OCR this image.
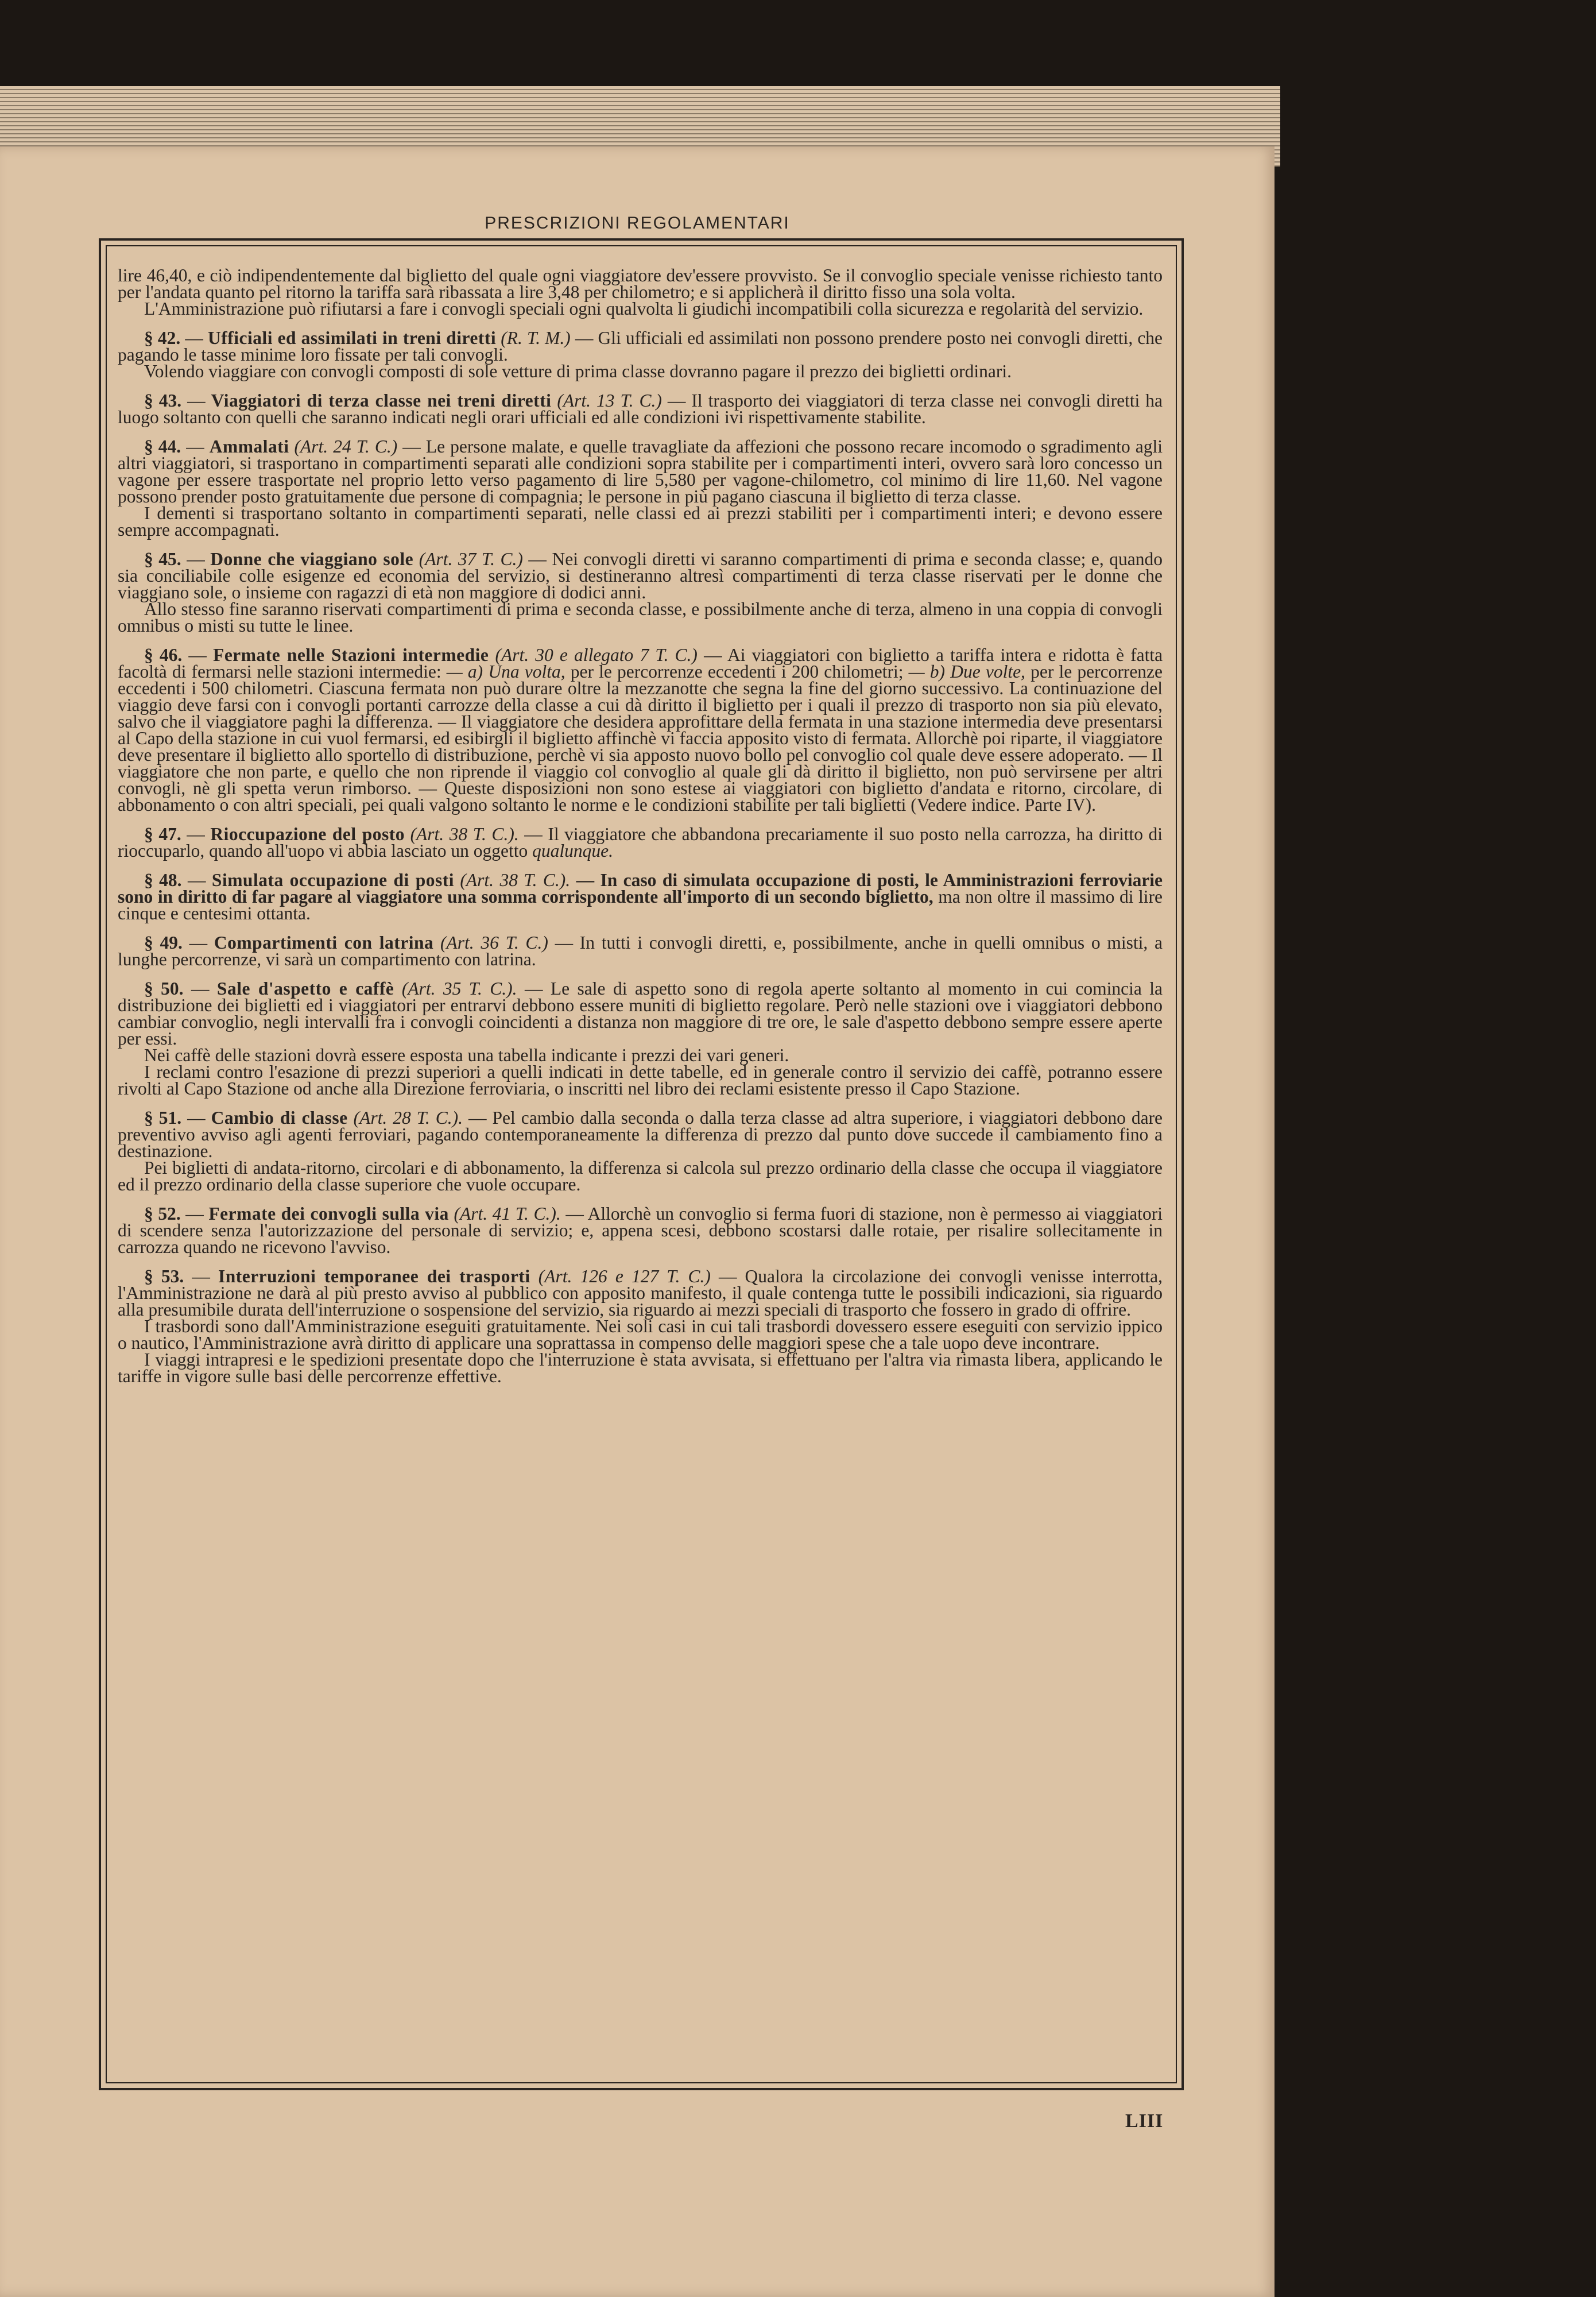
PRESCRIZIONI REGOLAMENTARI

lire 46,40, e ciò indipendentemente dal biglietto del quale ogni viaggiatore dev'essere provvisto. Se il convoglio speciale venisse richiesto tanto per l'andata quanto pel ritorno la tariffa sarà ribassata a lire 3,48 per chilometro; e si applicherà il diritto fisso una sola volta.

L'Amministrazione può rifiutarsi a fare i convogli speciali ogni qualvolta li giudichi incompatibili colla sicurezza e regolarità del servizio.

§ 42. — Ufficiali ed assimilati in treni diretti (R. T. M.) — Gli ufficiali ed assimilati non possono prendere posto nei convogli diretti, che pagando le tasse minime loro fissate per tali convogli.

Volendo viaggiare con convogli composti di sole vetture di prima classe dovranno pagare il prezzo dei biglietti ordinari.

§ 43. — Viaggiatori di terza classe nei treni diretti (Art. 13 T. C.) — Il trasporto dei viaggiatori di terza classe nei convogli diretti ha luogo soltanto con quelli che saranno indicati negli orari ufficiali ed alle condizioni ivi rispettivamente stabilite.

§ 44. — Ammalati (Art. 24 T. C.) — Le persone malate, e quelle travagliate da affezioni che possono recare incomodo o sgradimento agli altri viaggiatori, si trasportano in compartimenti separati alle condizioni sopra stabilite per i compartimenti interi, ovvero sarà loro concesso un vagone per essere trasportate nel proprio letto verso pagamento di lire 5,580 per vagone-chilometro, col minimo di lire 11,60. Nel vagone possono prender posto gratuitamente due persone di compagnia; le persone in più pagano ciascuna il biglietto di terza classe.

I dementi si trasportano soltanto in compartimenti separati, nelle classi ed ai prezzi stabiliti per i compartimenti interi; e devono essere sempre accompagnati.

§ 45. — Donne che viaggiano sole (Art. 37 T. C.) — Nei convogli diretti vi saranno compartimenti di prima e seconda classe; e, quando sia conciliabile colle esigenze ed economia del servizio, si destineranno altresì compartimenti di terza classe riservati per le donne che viaggiano sole, o insieme con ragazzi di età non maggiore di dodici anni.

Allo stesso fine saranno riservati compartimenti di prima e seconda classe, e possibilmente anche di terza, almeno in una coppia di convogli omnibus o misti su tutte le linee.

§ 46. — Fermate nelle Stazioni intermedie (Art. 30 e allegato 7 T. C.) — Ai viaggiatori con biglietto a tariffa intera e ridotta è fatta facoltà di fermarsi nelle stazioni intermedie: — a) Una volta, per le percorrenze eccedenti i 200 chilometri; — b) Due volte, per le percorrenze eccedenti i 500 chilometri. Ciascuna fermata non può durare oltre la mezzanotte che segna la fine del giorno successivo. La continuazione del viaggio deve farsi con i convogli portanti carrozze della classe a cui dà diritto il biglietto per i quali il prezzo di trasporto non sia più elevato, salvo che il viaggiatore paghi la differenza. — Il viaggiatore che desidera approfittare della fermata in una stazione intermedia deve presentarsi al Capo della stazione in cui vuol fermarsi, ed esibirgli il biglietto affinchè vi faccia apposito visto di fermata. Allorchè poi riparte, il viaggiatore deve presentare il biglietto allo sportello di distribuzione, perchè vi sia apposto nuovo bollo pel convoglio col quale deve essere adoperato. — Il viaggiatore che non parte, e quello che non riprende il viaggio col convoglio al quale gli dà diritto il biglietto, non può servirsene per altri convogli, nè gli spetta verun rimborso. — Queste disposizioni non sono estese ai viaggiatori con biglietto d'andata e ritorno, circolare, di abbonamento o con altri speciali, pei quali valgono soltanto le norme e le condizioni stabilite per tali biglietti (Vedere indice. Parte IV).

§ 47. — Rioccupazione del posto (Art. 38 T. C.). — Il viaggiatore che abbandona precariamente il suo posto nella carrozza, ha diritto di rioccuparlo, quando all'uopo vi abbia lasciato un oggetto qualunque.

§ 48. — Simulata occupazione di posti (Art. 38 T. C.). — In caso di simulata occupazione di posti, le Amministrazioni ferroviarie sono in diritto di far pagare al viaggiatore una somma corrispondente all'importo di un secondo biglietto, ma non oltre il massimo di lire cinque e centesimi ottanta.

§ 49. — Compartimenti con latrina (Art. 36 T. C.) — In tutti i convogli diretti, e, possibilmente, anche in quelli omnibus o misti, a lunghe percorrenze, vi sarà un compartimento con latrina.

§ 50. — Sale d'aspetto e caffè (Art. 35 T. C.). — Le sale di aspetto sono di regola aperte soltanto al momento in cui comincia la distribuzione dei biglietti ed i viaggiatori per entrarvi debbono essere muniti di biglietto regolare. Però nelle stazioni ove i viaggiatori debbono cambiar convoglio, negli intervalli fra i convogli coincidenti a distanza non maggiore di tre ore, le sale d'aspetto debbono sempre essere aperte per essi.

Nei caffè delle stazioni dovrà essere esposta una tabella indicante i prezzi dei vari generi.

I reclami contro l'esazione di prezzi superiori a quelli indicati in dette tabelle, ed in generale contro il servizio dei caffè, potranno essere rivolti al Capo Stazione od anche alla Direzione ferroviaria, o inscritti nel libro dei reclami esistente presso il Capo Stazione.

§ 51. — Cambio di classe (Art. 28 T. C.). — Pel cambio dalla seconda o dalla terza classe ad altra superiore, i viaggiatori debbono dare preventivo avviso agli agenti ferroviari, pagando contemporaneamente la differenza di prezzo dal punto dove succede il cambiamento fino a destinazione.

Pei biglietti di andata-ritorno, circolari e di abbonamento, la differenza si calcola sul prezzo ordinario della classe che occupa il viaggiatore ed il prezzo ordinario della classe superiore che vuole occupare.

§ 52. — Fermate dei convogli sulla via (Art. 41 T. C.). — Allorchè un convoglio si ferma fuori di stazione, non è permesso ai viaggiatori di scendere senza l'autorizzazione del personale di servizio; e, appena scesi, debbono scostarsi dalle rotaie, per risalire sollecitamente in carrozza quando ne ricevono l'avviso.

§ 53. — Interruzioni temporanee dei trasporti (Art. 126 e 127 T. C.) — Qualora la circolazione dei convogli venisse interrotta, l'Amministrazione ne darà al più presto avviso al pubblico con apposito manifesto, il quale contenga tutte le possibili indicazioni, sia riguardo alla presumibile durata dell'interruzione o sospensione del servizio, sia riguardo ai mezzi speciali di trasporto che fossero in grado di offrire.

I trasbordi sono dall'Amministrazione eseguiti gratuitamente. Nei soli casi in cui tali trasbordi dovessero essere eseguiti con servizio ippico o nautico, l'Amministrazione avrà diritto di applicare una soprattassa in compenso delle maggiori spese che a tale uopo deve incontrare.

I viaggi intrapresi e le spedizioni presentate dopo che l'interruzione è stata avvisata, si effettuano per l'altra via rimasta libera, applicando le tariffe in vigore sulle basi delle percorrenze effettive.

LIII
